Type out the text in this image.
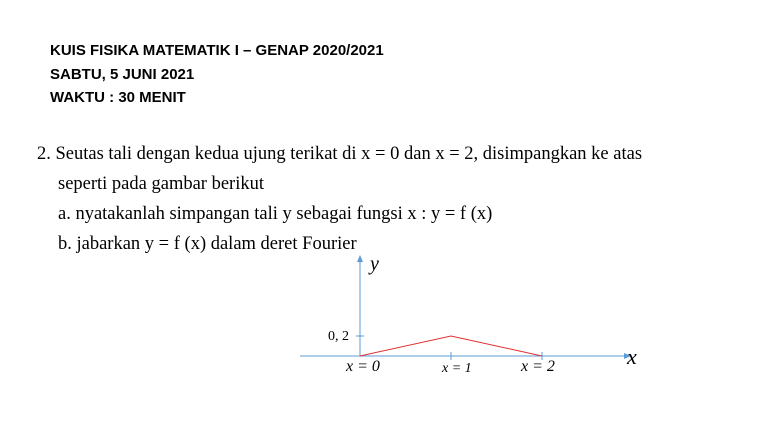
KUIS FISIKA MATEMATIK I – GENAP 2020/2021
SABTU, 5 JUNI 2021
WAKTU : 30 MENIT
2. Seutas tali dengan kedua ujung terikat di x = 0 dan x = 2, disimpangkan ke atas
seperti pada gambar berikut
a. nyatakanlah simpangan tali y sebagai fungsi x : y = f (x)
b. jabarkan y = f (x) dalam deret Fourier
y
x
0, 2
x = 0	x = 1	x = 2
